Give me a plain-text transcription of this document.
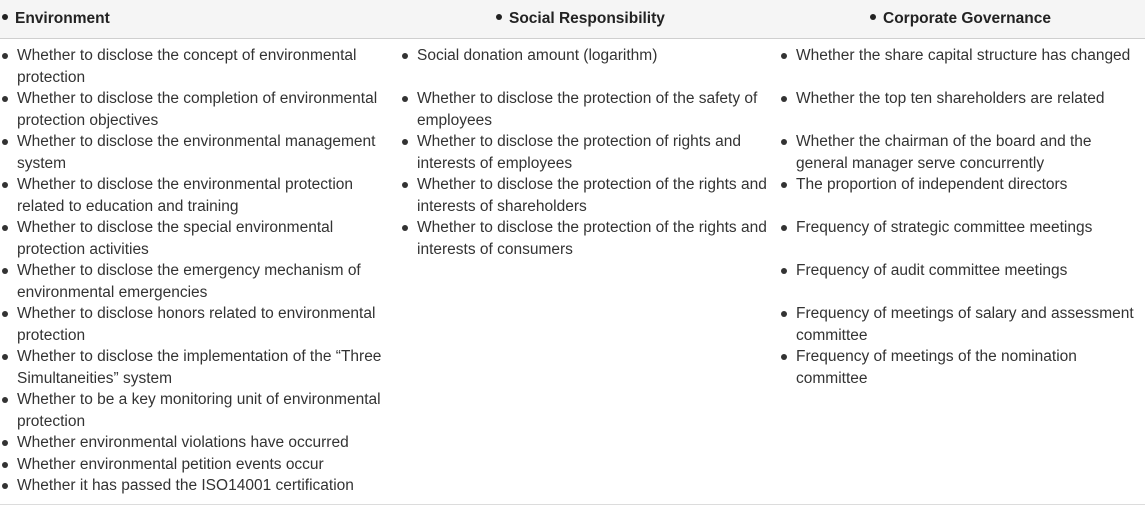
Environment	Social Responsibility	Corporate Governance
Whether to disclose the concept of environmental protection
Whether to disclose the completion of environmental protection objectives
Whether to disclose the environmental management system
Whether to disclose the environmental protection related to education and training
Whether to disclose the special environmental protection activities
Whether to disclose the emergency mechanism of environmental emergencies
Whether to disclose honors related to environmental protection
Whether to disclose the implementation of the “Three Simultaneities” system
Whether to be a key monitoring unit of environmental protection
Whether environmental violations have occurred
Whether environmental petition events occur
Whether it has passed the ISO14001 certification
Social donation amount (logarithm)
Whether to disclose the protection of the safety of employees
Whether to disclose the protection of rights and interests of employees
Whether to disclose the protection of the rights and interests of shareholders
Whether to disclose the protection of the rights and interests of consumers
Whether the share capital structure has changed
Whether the top ten shareholders are related
Whether the chairman of the board and the general manager serve concurrently
The proportion of independent directors
Frequency of strategic committee meetings
Frequency of audit committee meetings
Frequency of meetings of salary and assessment committee
Frequency of meetings of the nomination committee
